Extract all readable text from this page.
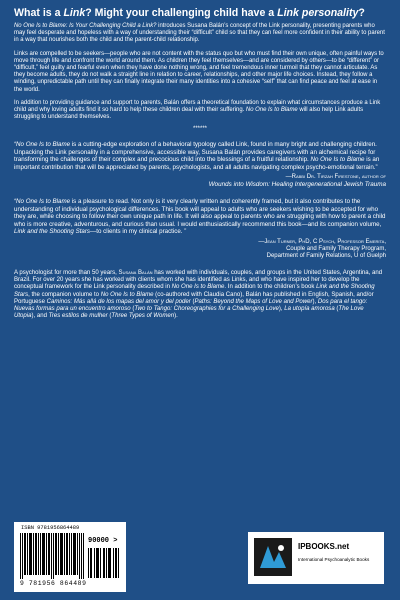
What is a Link? Might your challenging child have a Link personality?

No One Is to Blame: Is Your Challenging Child a Link? introduces Susana Balán’s concept of the Link personality, presenting parents who may feel desperate and hopeless with a way of understanding their “difficult” child so that they can feel more confident in their ability to parent in a way that nourishes both the child and the parent-child relationship.

Links are compelled to be seekers—people who are not content with the status quo but who must find their own unique, often painful ways to move through life and confront the world around them. As children they feel themselves—and are considered by others—to be “different” or “difficult,” feel guilty and fearful even when they have done nothing wrong, and feel tremendous inner turmoil that they cannot articulate. As they become adults, they do not walk a straight line in relation to career, relationships, and other major life choices. Instead, they follow a winding, unpredictable path until they can finally integrate their many identities into a cohesive “self” that can find peace and feel at ease in the world.

In addition to providing guidance and support to parents, Balán offers a theoretical foundation to explain what circumstances produce a Link child and why loving adults find it so hard to help these children deal with their suffering. No One Is to Blame will also help Link adults struggling to understand themselves.

******

“No One Is to Blame is a cutting-edge exploration of a behavioral typology called Link, found in many bright and challenging children. Unpacking the Link personality in a comprehensive, accessible way, Susana Balán provides caregivers with an alchemical recipe for transforming the challenges of their complex and precocious child into the blessings of a fruitful relationship. No One Is to Blame is an important contribution that will be appreciated by parents, psychologists, and all adults navigating complex psycho-emotional terrain.”

—Rabbi Dr. Tirzah Firestone, author of
Wounds into Wisdom: Healing Intergenerational Jewish Trauma

“No One Is to Blame is a pleasure to read. Not only is it very clearly written and coherently framed, but it also contributes to the understanding of individual psychological differences. This book will appeal to adults who are seekers wishing to be accepted for who they are, while choosing to follow their own unique path in life. It will also appeal to parents who are struggling with how to parent a child who is more creative, adventurous, and curious than usual. I would enthusiastically recommend this book—and its companion volume, Link and the Shooting Stars—to clients in my clinical practice. ”

—Jean Turner, PhD, C Psych, Professor Emerita,
Couple and Family Therapy Program,
Department of Family Relations, U of Guelph

A psychologist for more than 50 years, Susana Balán has worked with individuals, couples, and groups in the United States, Argentina, and Brazil. For over 20 years she has worked with clients whom she has identified as Links, and who have inspired her to develop the conceptual framework for the Link personality described in No One Is to Blame. In addition to the children’s book Link and the Shooting Stars, the companion volume to No One Is to Blame (co-authored with Claudia Cano), Balán has published in English, Spanish, and/or Portuguese Caminos: Más allá de los mapas del amor y del poder (Paths: Beyond the Maps of Love and Power), Dos para el tango: Nuevas formas para un encuentro amoroso (Two to Tango: Choreographies for a Challenging Love), La utopía amorosa (The Love Utopia), and Tres estilos de mulher (Three Types of Women).

ISBN 9781956864489
90000 >
9 781956 864489
IPBOOKS.net
International Psychoanalytic Books
